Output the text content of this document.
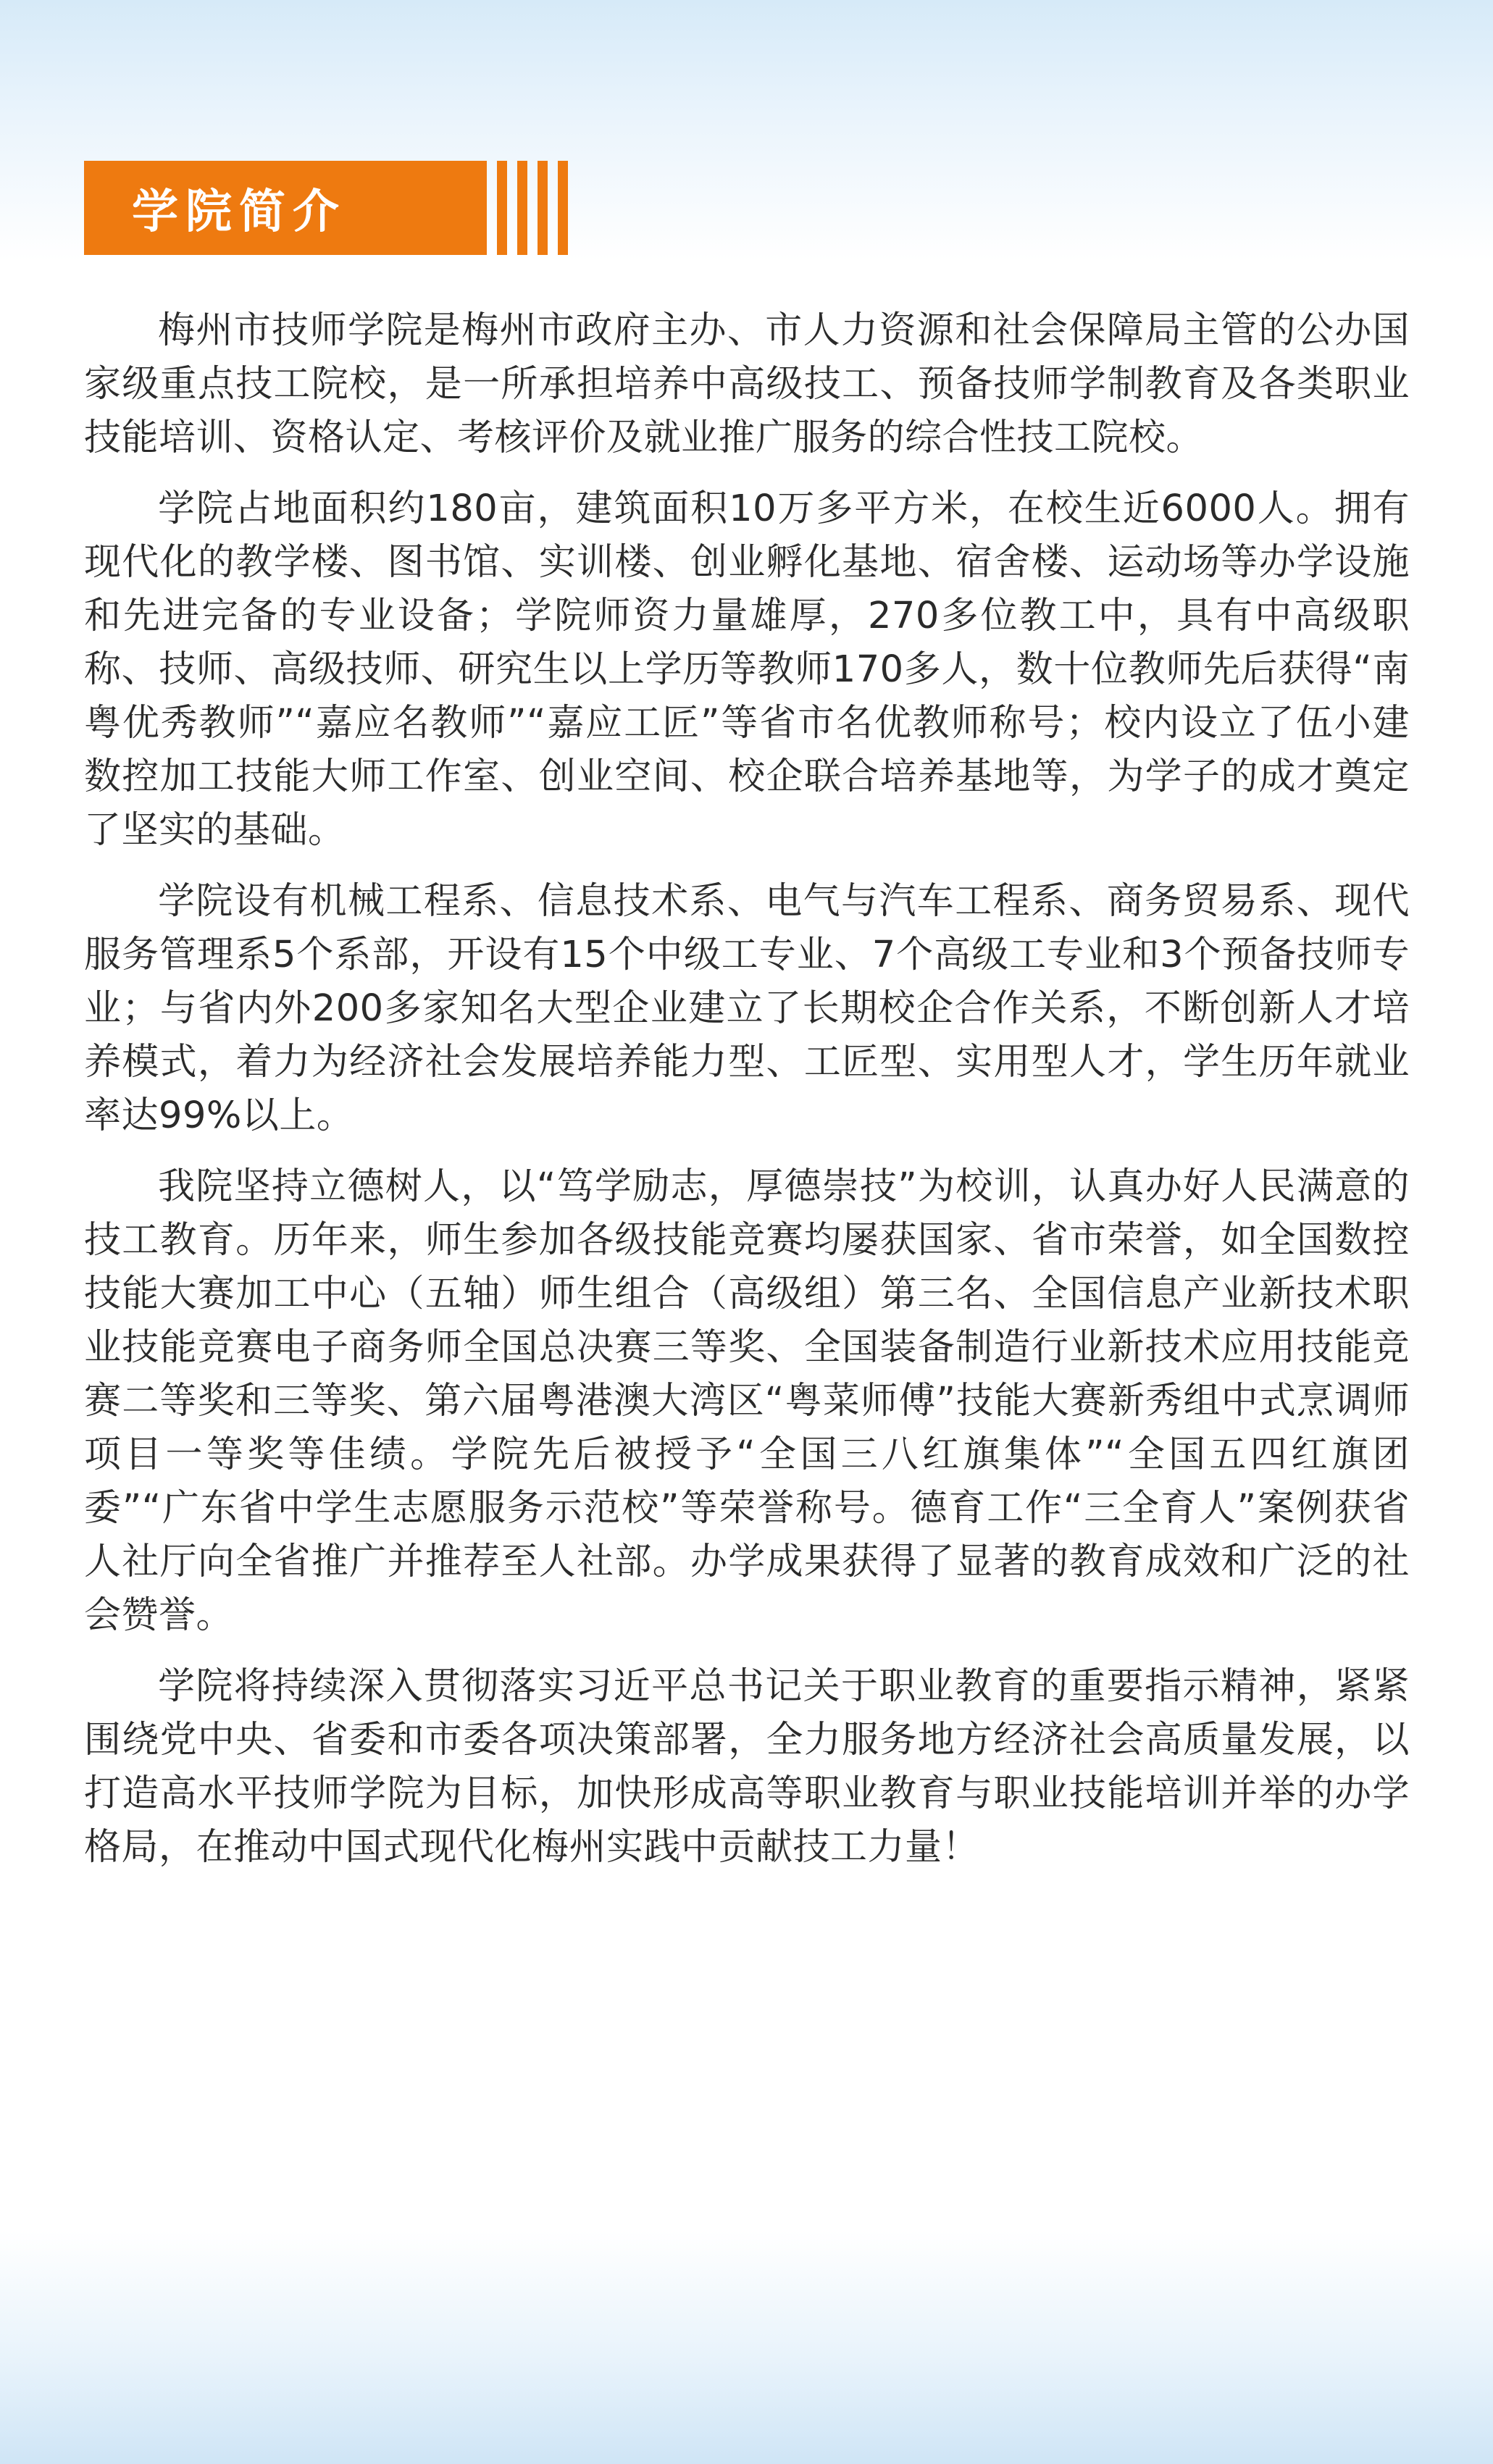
学院简介

梅州市技师学院是梅州市政府主办、市人力资源和社会保障局主管的公办国家级重点技工院校，是一所承担培养中高级技工、预备技师学制教育及各类职业技能培训、资格认定、考核评价及就业推广服务的综合性技工院校。

学院占地面积约180亩，建筑面积10万多平方米，在校生近6000人。拥有现代化的教学楼、图书馆、实训楼、创业孵化基地、宿舍楼、运动场等办学设施和先进完备的专业设备；学院师资力量雄厚，270多位教工中，具有中高级职称、技师、高级技师、研究生以上学历等教师170多人，数十位教师先后获得“南粤优秀教师”“嘉应名教师”“嘉应工匠”等省市名优教师称号；校内设立了伍小建数控加工技能大师工作室、创业空间、校企联合培养基地等，为学子的成才奠定了坚实的基础。

学院设有机械工程系、信息技术系、电气与汽车工程系、商务贸易系、现代服务管理系5个系部，开设有15个中级工专业、7个高级工专业和3个预备技师专业；与省内外200多家知名大型企业建立了长期校企合作关系，不断创新人才培养模式，着力为经济社会发展培养能力型、工匠型、实用型人才，学生历年就业率达99%以上。

我院坚持立德树人，以“笃学励志，厚德崇技”为校训，认真办好人民满意的技工教育。历年来，师生参加各级技能竞赛均屡获国家、省市荣誉，如全国数控技能大赛加工中心（五轴）师生组合（高级组）第三名、全国信息产业新技术职业技能竞赛电子商务师全国总决赛三等奖、全国装备制造行业新技术应用技能竞赛二等奖和三等奖、第六届粤港澳大湾区“粤菜师傅”技能大赛新秀组中式烹调师项目一等奖等佳绩。学院先后被授予“全国三八红旗集体”“全国五四红旗团委”“广东省中学生志愿服务示范校”等荣誉称号。德育工作“三全育人”案例获省人社厅向全省推广并推荐至人社部。办学成果获得了显著的教育成效和广泛的社会赞誉。

学院将持续深入贯彻落实习近平总书记关于职业教育的重要指示精神，紧紧围绕党中央、省委和市委各项决策部署，全力服务地方经济社会高质量发展，以打造高水平技师学院为目标，加快形成高等职业教育与职业技能培训并举的办学格局，在推动中国式现代化梅州实践中贡献技工力量！
